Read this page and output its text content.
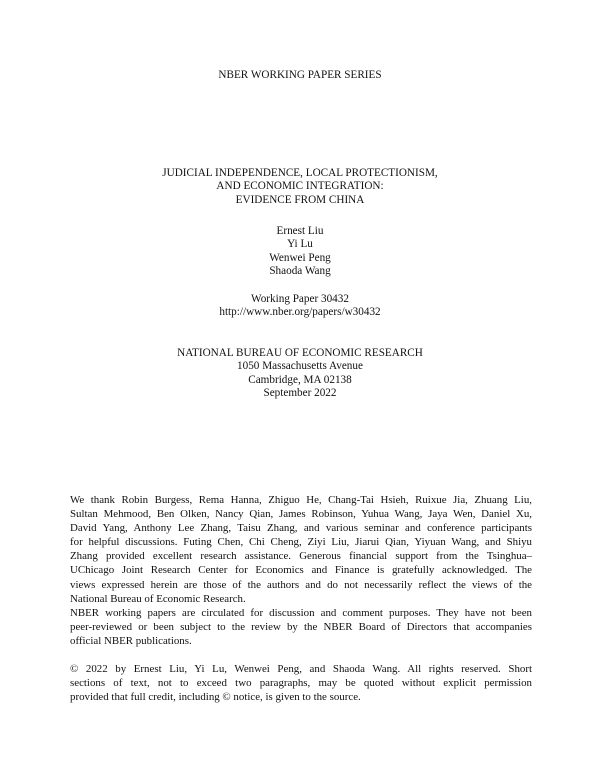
NBER WORKING PAPER SERIES
JUDICIAL INDEPENDENCE, LOCAL PROTECTIONISM,
AND ECONOMIC INTEGRATION:
EVIDENCE FROM CHINA
Ernest Liu
Yi Lu
Wenwei Peng
Shaoda Wang
Working Paper 30432
http://www.nber.org/papers/w30432
NATIONAL BUREAU OF ECONOMIC RESEARCH
1050 Massachusetts Avenue
Cambridge, MA 02138
September 2022
We thank Robin Burgess, Rema Hanna, Zhiguo He, Chang-Tai Hsieh, Ruixue Jia, Zhuang Liu,
Sultan Mehmood, Ben Olken, Nancy Qian, James Robinson, Yuhua Wang, Jaya Wen, Daniel Xu,
David Yang, Anthony Lee Zhang, Taisu Zhang, and various seminar and conference participants
for helpful discussions. Futing Chen, Chi Cheng, Ziyi Liu, Jiarui Qian, Yiyuan Wang, and Shiyu
Zhang provided excellent research assistance. Generous financial support from the Tsinghua–
UChicago Joint Research Center for Economics and Finance is gratefully acknowledged. The
views expressed herein are those of the authors and do not necessarily reflect the views of the
National Bureau of Economic Research.
NBER working papers are circulated for discussion and comment purposes. They have not been
peer-reviewed or been subject to the review by the NBER Board of Directors that accompanies
official NBER publications.
© 2022 by Ernest Liu, Yi Lu, Wenwei Peng, and Shaoda Wang. All rights reserved. Short
sections of text, not to exceed two paragraphs, may be quoted without explicit permission
provided that full credit, including © notice, is given to the source.
